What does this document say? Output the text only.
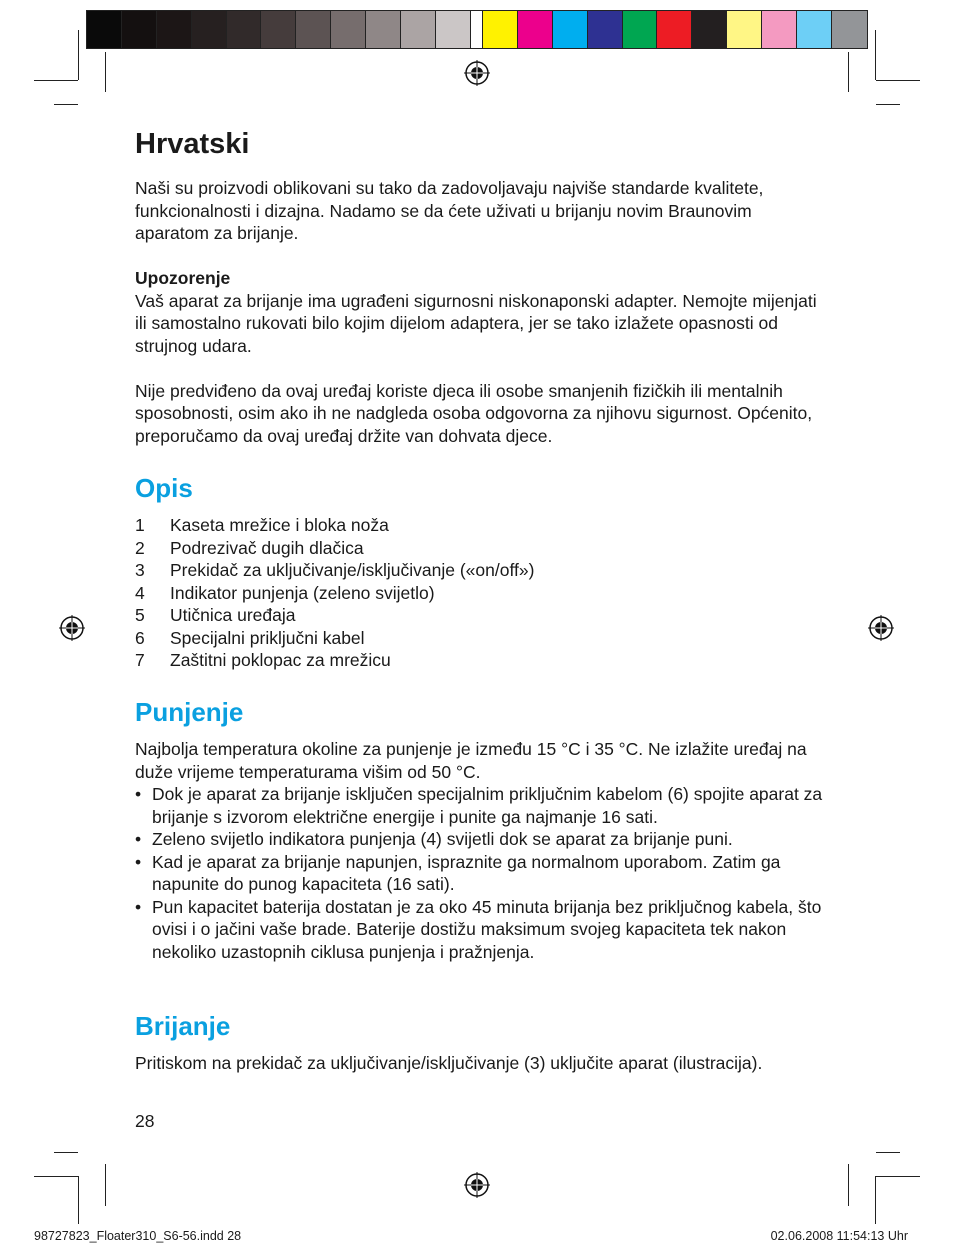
Hrvatski

Naši su proizvodi oblikovani su tako da zadovoljavaju najviše standarde kvalitete, funkcionalnosti i dizajna. Nadamo se da ćete uživati u brijanju novim Braunovim aparatom za brijanje.

Upozorenje

Vaš aparat za brijanje ima ugrađeni sigurnosni niskonaponski adapter. Nemojte mijenjati ili samostalno rukovati bilo kojim dijelom adaptera, jer se tako izlažete opasnosti od strujnog udara.

Nije predviđeno da ovaj uređaj koriste djeca ili osobe smanjenih fizičkih ili mentalnih sposobnosti, osim ako ih ne nadgleda osoba odgovorna za njihovu sigurnost. Općenito, preporučamo da ovaj uređaj držite van dohvata djece.

Opis
1 Kaseta mrežice i bloka noža
2 Podrezivač dugih dlačica
3 Prekidač za uključivanje/isključivanje («on/off»)
4 Indikator punjenja (zeleno svijetlo)
5 Utičnica uređaja
6 Specijalni priključni kabel
7 Zaštitni poklopac za mrežicu
Punjenje

Najbolja temperatura okoline za punjenje je između 15 °C i 35 °C. Ne izlažite uređaj na duže vrijeme temperaturama višim od 50 °C.

• Dok je aparat za brijanje isključen specijalnim priključnim kabelom (6) spojite aparat za brijanje s izvorom električne energije i punite ga najmanje 16 sati.
• Zeleno svijetlo indikatora punjenja (4) svijetli dok se aparat za brijanje puni.
• Kad je aparat za brijanje napunjen, ispraznite ga normalnom uporabom. Zatim ga napunite do punog kapaciteta (16 sati).
• Pun kapacitet baterija dostatan je za oko 45 minuta brijanja bez priključnog kabela, što ovisi i o jačini vaše brade. Baterije dostižu maksimum svojeg kapaciteta tek nakon nekoliko uzastopnih ciklusa punjenja i pražnjenja.
Brijanje

Pritiskom na prekidač za uključivanje/isključivanje (3) uključite aparat (ilustracija).

28
98727823_Floater310_S6-56.indd 28	02.06.2008 11:54:13 Uhr
